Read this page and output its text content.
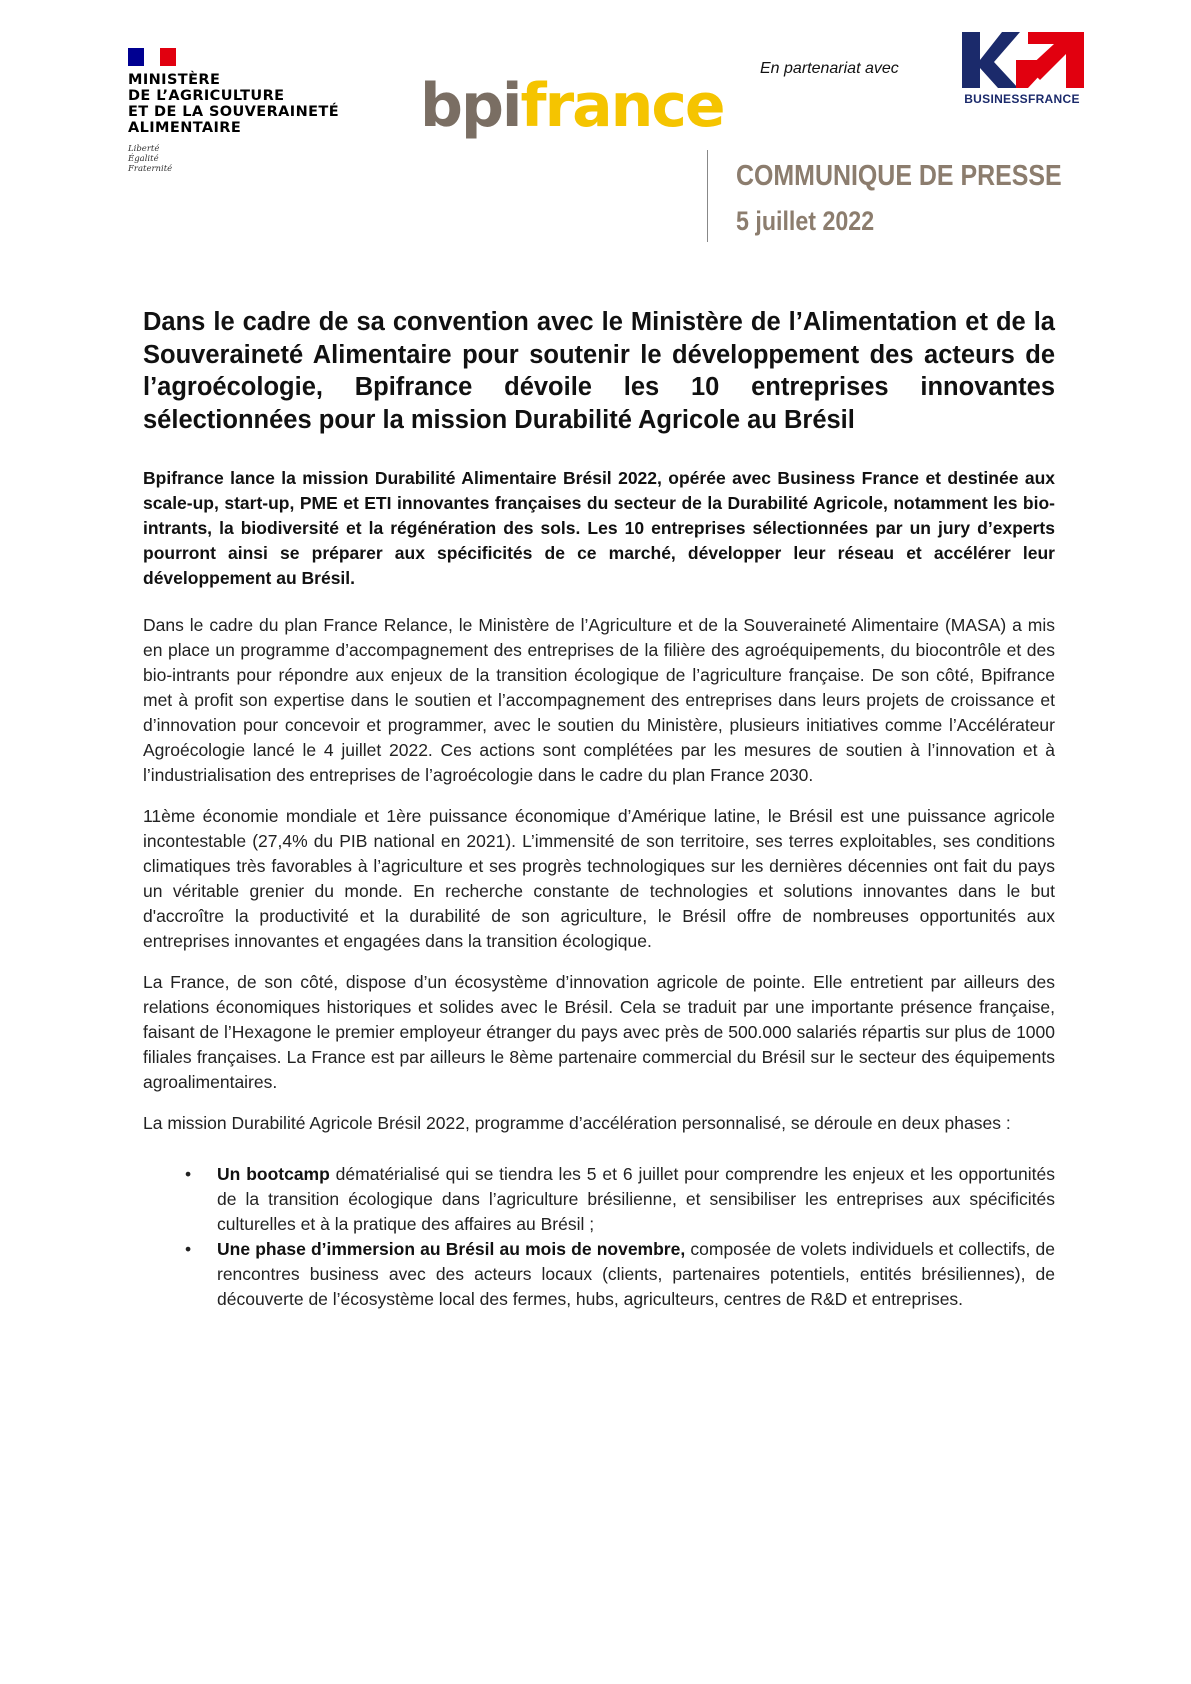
MINISTÈRE
DE L’AGRICULTURE
ET DE LA SOUVERAINETÉ
ALIMENTAIRE
Liberté
Égalité
Fraternité
bpifrance
En partenariat avec
BUSINESSFRANCE
COMMUNIQUE DE PRESSE
5 juillet 2022

Dans le cadre de sa convention avec le Ministère de l’Alimentation et de la Souveraineté Alimentaire pour soutenir le développement des acteurs de l’agroécologie, Bpifrance dévoile les 10 entreprises innovantes sélectionnées pour la mission Durabilité Agricole au Brésil

Bpifrance lance la mission Durabilité Alimentaire Brésil 2022, opérée avec Business France et destinée aux scale-up, start-up, PME et ETI innovantes françaises du secteur de la Durabilité Agricole, notamment les bio-intrants, la biodiversité et la régénération des sols. Les 10 entreprises sélectionnées par un jury d’experts pourront ainsi se préparer aux spécificités de ce marché, développer leur réseau et accélérer leur développement au Brésil.

Dans le cadre du plan France Relance, le Ministère de l’Agriculture et de la Souveraineté Alimentaire (MASA) a mis en place un programme d’accompagnement des entreprises de la filière des agroéquipements, du biocontrôle et des bio-intrants pour répondre aux enjeux de la transition écologique de l’agriculture française. De son côté, Bpifrance met à profit son expertise dans le soutien et l’accompagnement des entreprises dans leurs projets de croissance et d’innovation pour concevoir et programmer, avec le soutien du Ministère, plusieurs initiatives comme l’Accélérateur Agroécologie lancé le 4 juillet 2022. Ces actions sont complétées par les mesures de soutien à l’innovation et à l’industrialisation des entreprises de l’agroécologie dans le cadre du plan France 2030.

11ème économie mondiale et 1ère puissance économique d’Amérique latine, le Brésil est une puissance agricole incontestable (27,4% du PIB national en 2021). L’immensité de son territoire, ses terres exploitables, ses conditions climatiques très favorables à l’agriculture et ses progrès technologiques sur les dernières décennies ont fait du pays un véritable grenier du monde. En recherche constante de technologies et solutions innovantes dans le but d'accroître la productivité et la durabilité de son agriculture, le Brésil offre de nombreuses opportunités aux entreprises innovantes et engagées dans la transition écologique.

La France, de son côté, dispose d’un écosystème d’innovation agricole de pointe. Elle entretient par ailleurs des relations économiques historiques et solides avec le Brésil. Cela se traduit par une importante présence française, faisant de l’Hexagone le premier employeur étranger du pays avec près de 500.000 salariés répartis sur plus de 1000 filiales françaises. La France est par ailleurs le 8ème partenaire commercial du Brésil sur le secteur des équipements agroalimentaires.

La mission Durabilité Agricole Brésil 2022, programme d’accélération personnalisé, se déroule en deux phases :

• Un bootcamp dématérialisé qui se tiendra les 5 et 6 juillet pour comprendre les enjeux et les opportunités de la transition écologique dans l’agriculture brésilienne, et sensibiliser les entreprises aux spécificités culturelles et à la pratique des affaires au Brésil ;
• Une phase d’immersion au Brésil au mois de novembre, composée de volets individuels et collectifs, de rencontres business avec des acteurs locaux (clients, partenaires potentiels, entités brésiliennes), de découverte de l’écosystème local des fermes, hubs, agriculteurs, centres de R&D et entreprises.
